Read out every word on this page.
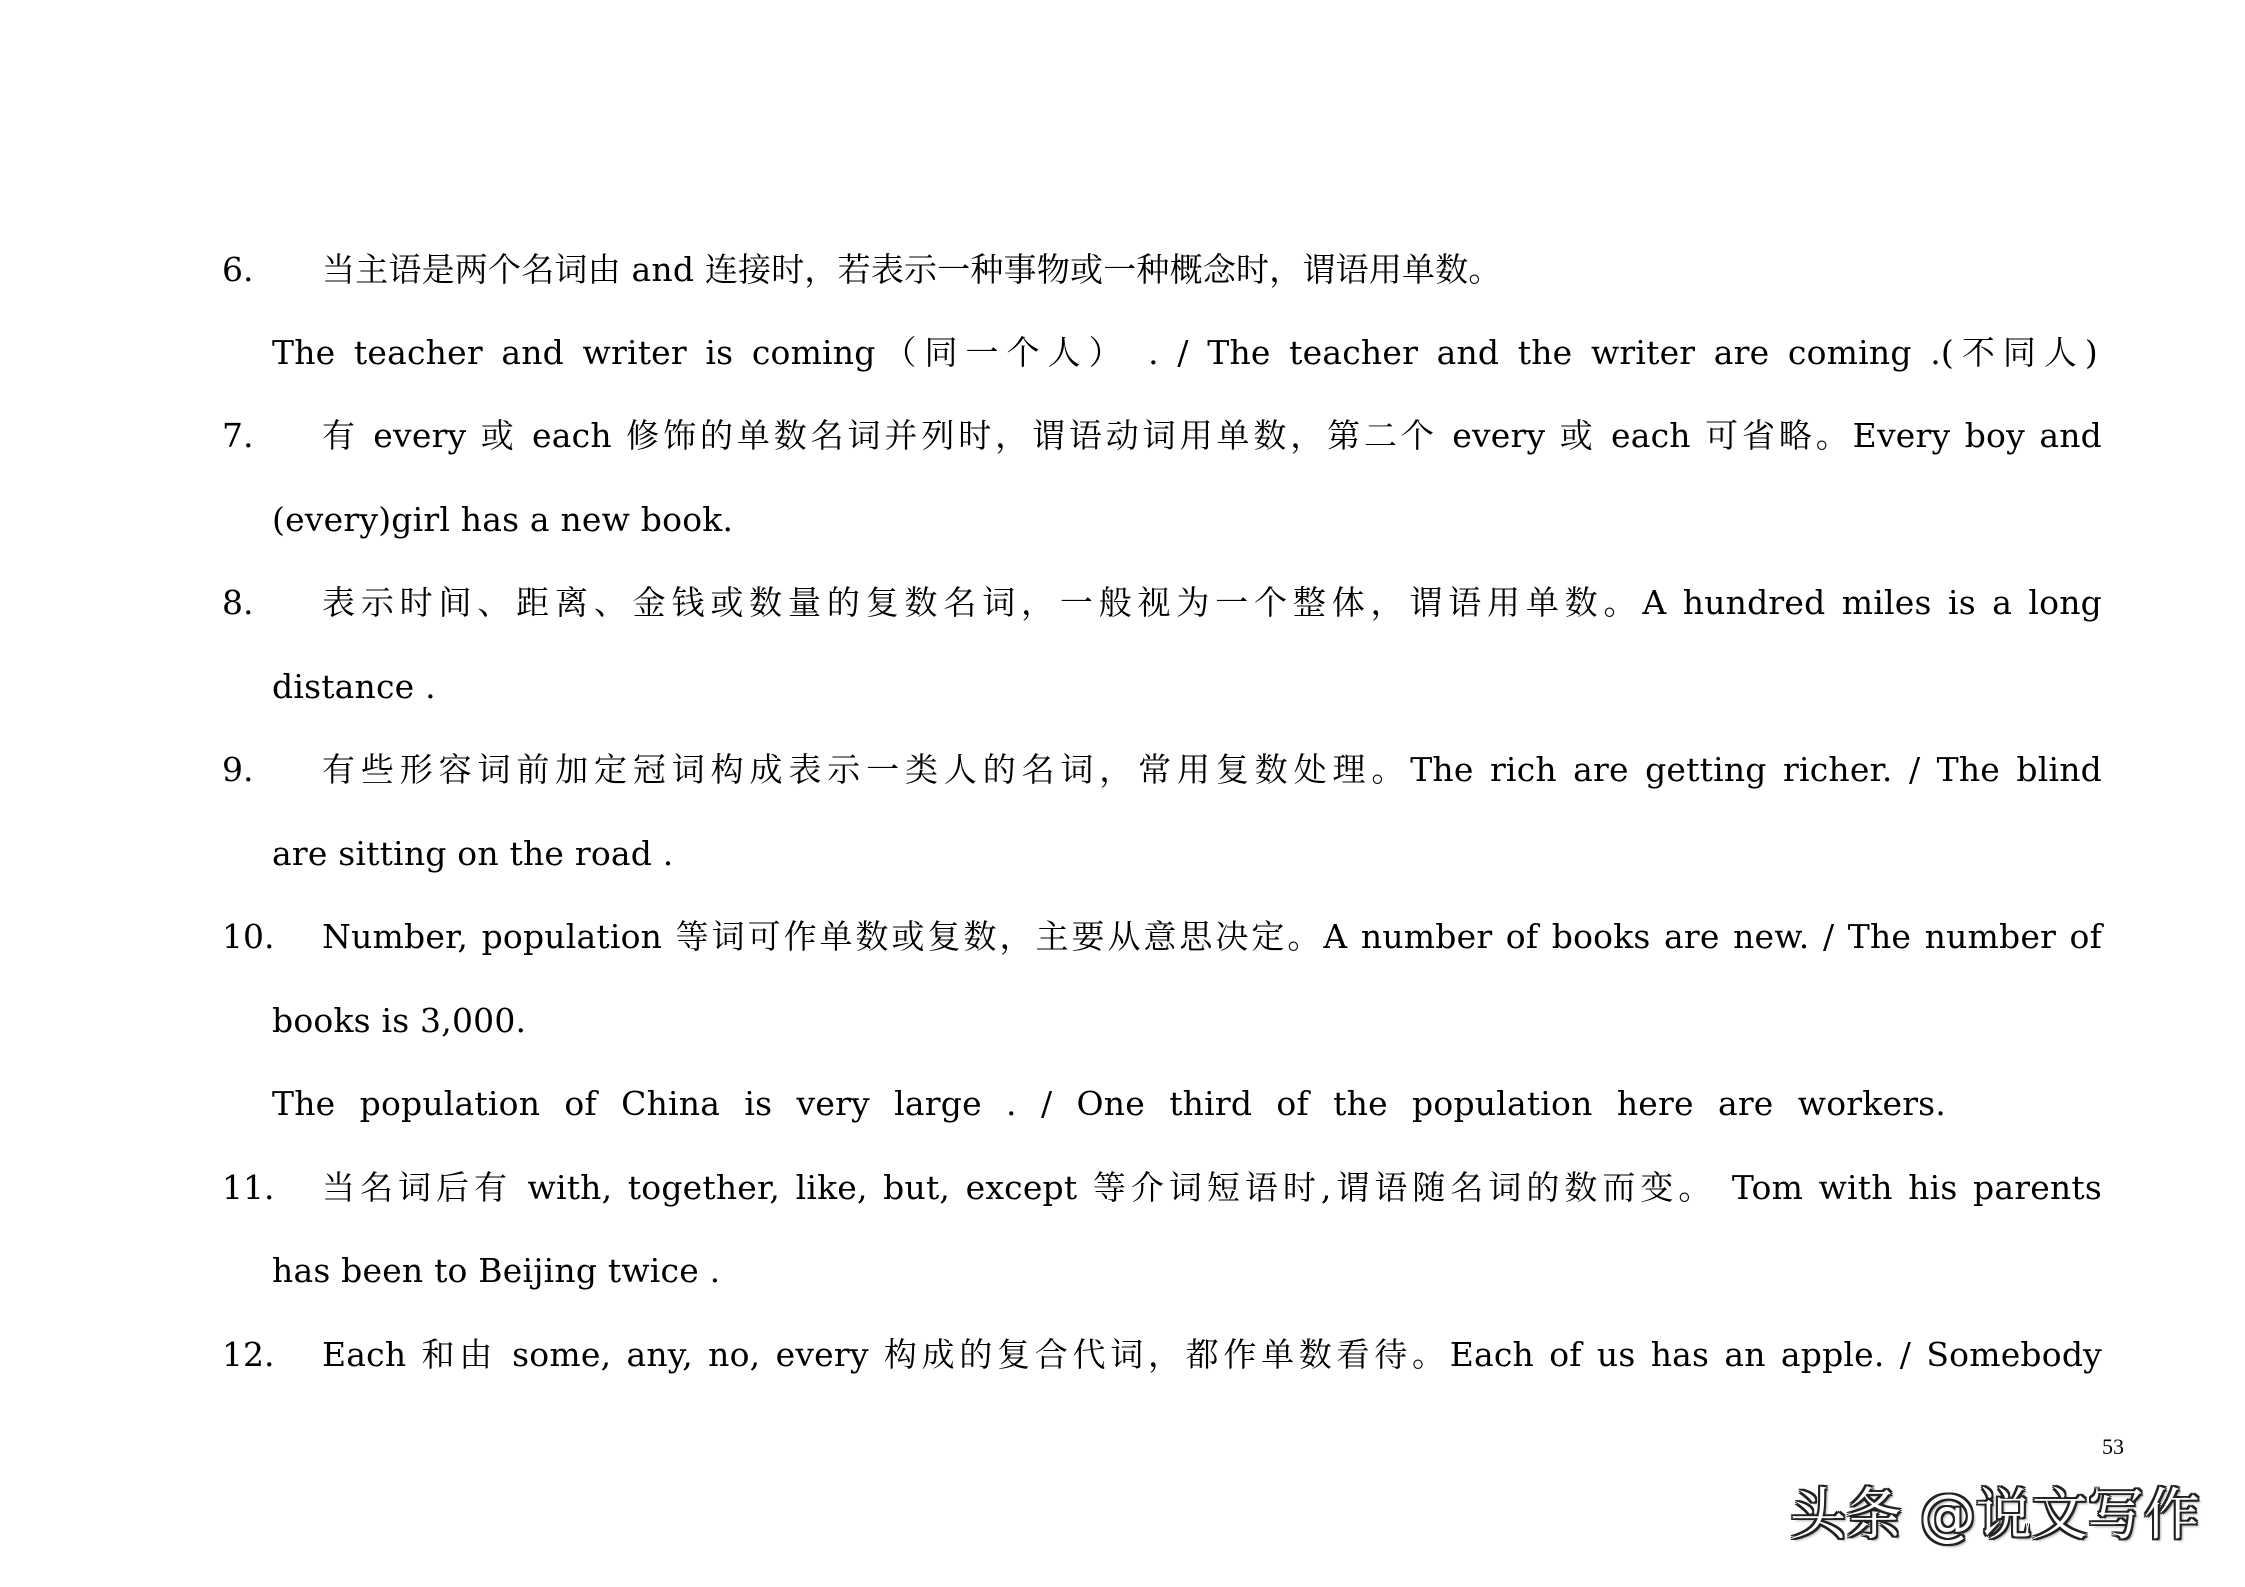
6. 当主语是两个名词由 and 连接时，若表示一种事物或一种概念时，谓语用单数。
The teacher and writer is coming（同一个人） . / The teacher and the writer are coming .(不同人)
7. 有 every 或 each 修饰的单数名词并列时，谓语动词用单数，第二个 every 或 each 可省略。Every boy and
(every)girl has a new book.
8. 表示时间、距离、金钱或数量的复数名词，一般视为一个整体，谓语用单数。A hundred miles is a long
distance .
9. 有些形容词前加定冠词构成表示一类人的名词，常用复数处理。The rich are getting richer. / The blind
are sitting on the road .
10. Number, population 等词可作单数或复数，主要从意思决定。A number of books are new. / The number of
books is 3,000.
The population of China is very large . / One third of the population here are workers.
11. 当名词后有 with, together, like, but, except 等介词短语时,谓语随名词的数而变。 Tom with his parents
has been to Beijing twice .
12. Each 和由 some, any, no, every 构成的复合代词，都作单数看待。Each of us has an apple. / Somebody
53
头条 @说文写作
